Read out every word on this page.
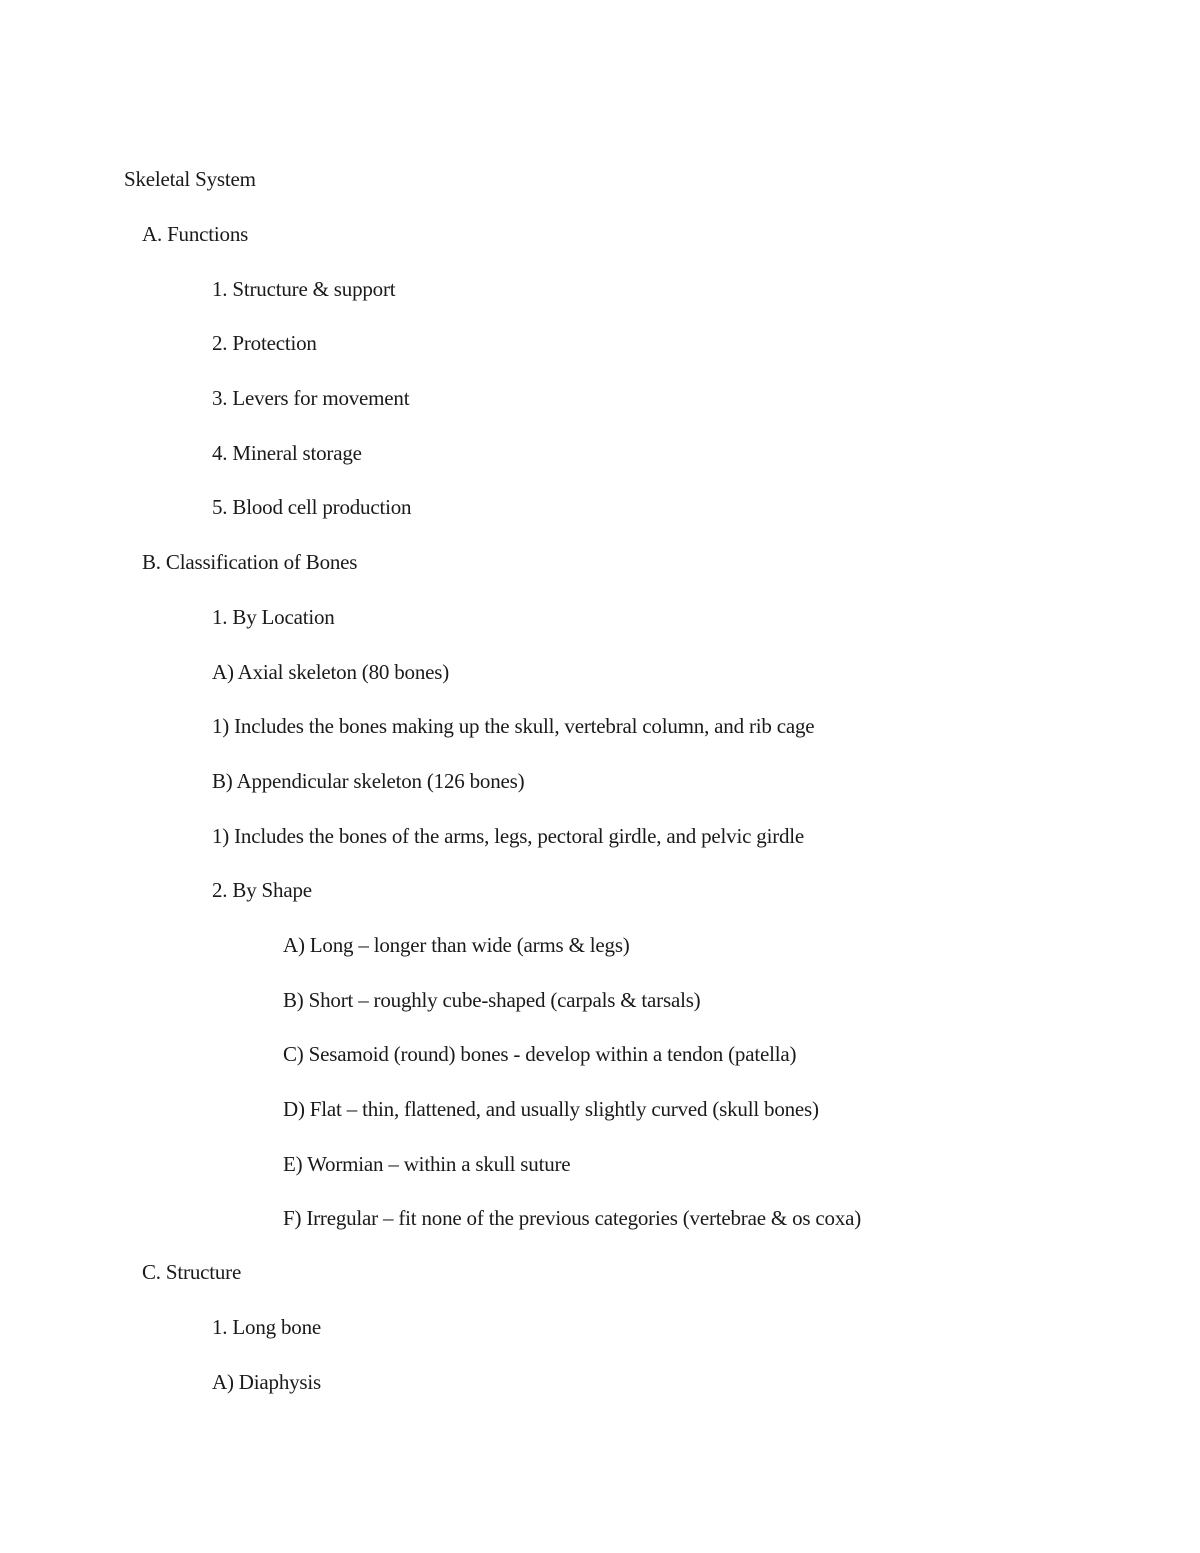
Skeletal System
A. Functions
1. Structure & support
2. Protection
3. Levers for movement
4. Mineral storage
5. Blood cell production
B. Classification of Bones
1. By Location
A) Axial skeleton (80 bones)
1) Includes the bones making up the skull, vertebral column, and rib cage
B) Appendicular skeleton (126 bones)
1) Includes the bones of the arms, legs, pectoral girdle, and pelvic girdle
2. By Shape
A) Long – longer than wide (arms & legs)
B) Short – roughly cube-shaped (carpals & tarsals)
C) Sesamoid (round) bones - develop within a tendon (patella)
D) Flat – thin, flattened, and usually slightly curved (skull bones)
E) Wormian – within a skull suture
F) Irregular – fit none of the previous categories (vertebrae & os coxa)
C. Structure
1. Long bone
A) Diaphysis
